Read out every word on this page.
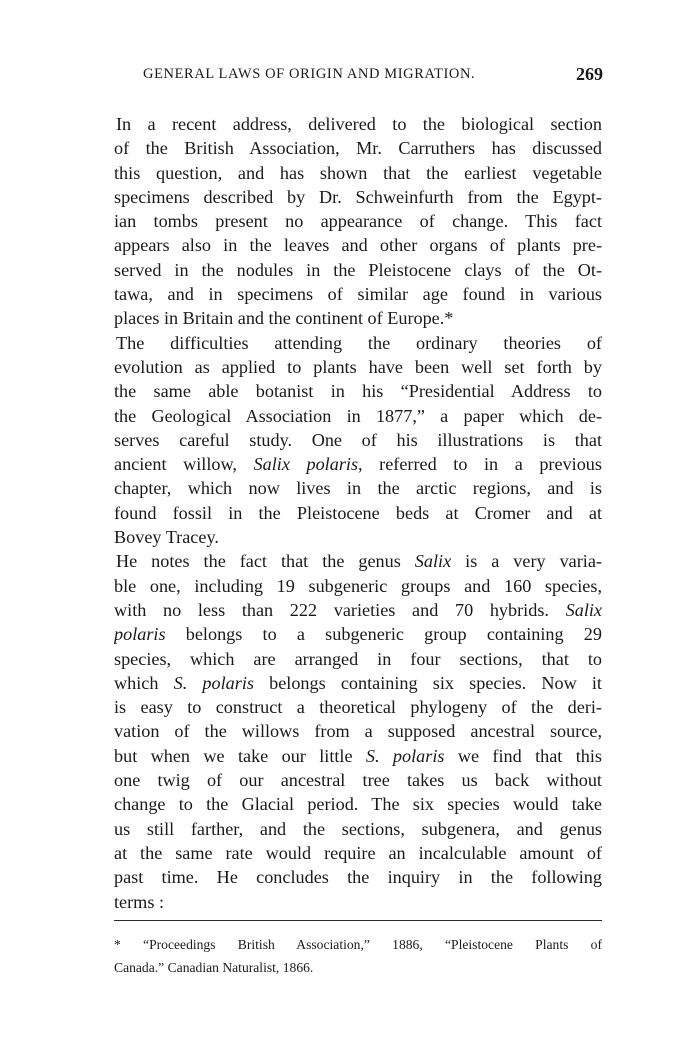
GENERAL LAWS OF ORIGIN AND MIGRATION.	269

In a recent address, delivered to the biological section
of the British Association, Mr. Carruthers has discussed
this question, and has shown that the earliest vegetable
specimens described by Dr. Schweinfurth from the Egypt-
ian tombs present no appearance of change. This fact
appears also in the leaves and other organs of plants pre-
served in the nodules in the Pleistocene clays of the Ot-
tawa, and in specimens of similar age found in various
places in Britain and the continent of Europe.*

The difficulties attending the ordinary theories of
evolution as applied to plants have been well set forth by
the same able botanist in his “Presidential Address to
the Geological Association in 1877,” a paper which de-
serves careful study. One of his illustrations is that
ancient willow, Salix polaris, referred to in a previous
chapter, which now lives in the arctic regions, and is
found fossil in the Pleistocene beds at Cromer and at
Bovey Tracey.

He notes the fact that the genus Salix is a very varia-
ble one, including 19 subgeneric groups and 160 species,
with no less than 222 varieties and 70 hybrids. Salix
polaris belongs to a subgeneric group containing 29
species, which are arranged in four sections, that to
which S. polaris belongs containing six species. Now it
is easy to construct a theoretical phylogeny of the deri-
vation of the willows from a supposed ancestral source,
but when we take our little S. polaris we find that this
one twig of our ancestral tree takes us back without
change to the Glacial period. The six species would take
us still farther, and the sections, subgenera, and genus
at the same rate would require an incalculable amount of
past time. He concludes the inquiry in the following
terms :

* “Proceedings British Association,” 1886, “Pleistocene Plants of
Canada.” Canadian Naturalist, 1866.
